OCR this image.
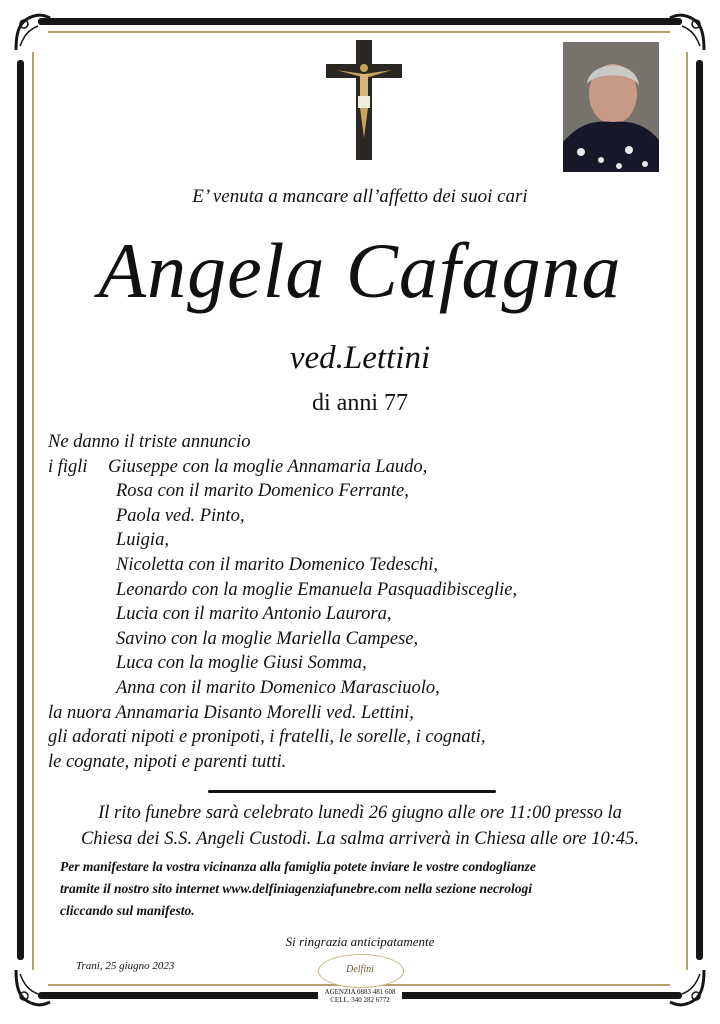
E’ venuta a mancare all’affetto dei suoi cari
Angela Cafagna
ved.Lettini
di anni 77
Ne danno il triste annuncio
i figli Giuseppe con la moglie Annamaria Laudo,
Rosa con il marito Domenico Ferrante,
Paola ved. Pinto,
Luigia,
Nicoletta con il marito Domenico Tedeschi,
Leonardo con la moglie Emanuela Pasquadibisceglie,
Lucia con il marito Antonio Laurora,
Savino con la moglie Mariella Campese,
Luca con la moglie Giusi Somma,
Anna con il marito Domenico Marasciuolo,
la nuora Annamaria Disanto Morelli ved. Lettini,
gli adorati nipoti e pronipoti, i fratelli, le sorelle, i cognati,
le cognate, nipoti e parenti tutti.
Il rito funebre sarà celebrato lunedì 26 giugno alle ore 11:00 presso la
Chiesa dei S.S. Angeli Custodi. La salma arriverà in Chiesa alle ore 10:45.
Per manifestare la vostra vicinanza alla famiglia potete inviare le vostre condoglianze
tramite il nostro sito internet www.delfiniagenziafunebre.com nella sezione necrologi
cliccando sul manifesto.
Si ringrazia anticipatamente
Trani, 25 giugno 2023	Delfini
AGENZIA 0883 481 608
CELL. 340 282 6772
